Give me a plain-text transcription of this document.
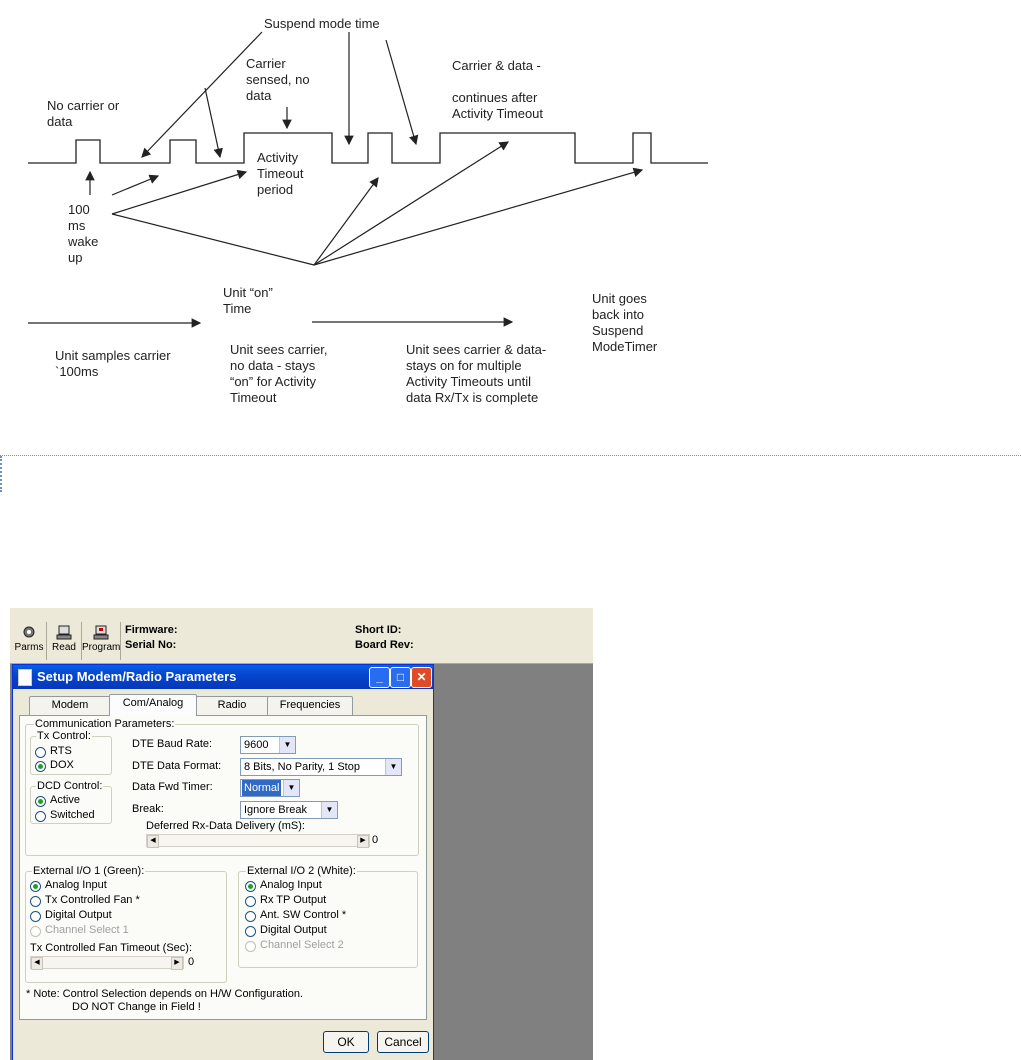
No carrier or
data
Suspend mode time
Carrier
sensed, no
data
Carrier & data -

continues after
Activity Timeout
Activity
Timeout
period
100
ms
wake
up
Unit “on”
Time
Unit samples carrier
`100ms
Unit sees carrier,
no data - stays
“on” for Activity
Timeout
Unit sees carrier & data-
stays on for multiple
Activity Timeouts until
data Rx/Tx is complete
Unit goes
back into
Suspend
ModeTimer
Parms Read Program
Firmware:
Serial No:
Short ID:
Board Rev:
Setup Modem/Radio Parameters	_	□	✕
Modem	Com/Analog	Radio	Frequencies
Communication Parameters:
Tx Control:
RTS
DOX
DCD Control:
Active
Switched
DTE Baud Rate:	9600	▼
DTE Data Format: 8 Bits, No Parity, 1 Stop	▼
Data Fwd Timer:	Normal	▼
Break:	Ignore Break	▼
Deferred Rx-Data Delivery (mS):
◀	▶ 0
External I/O 1 (Green):
Analog Input
Tx Controlled Fan *
Digital Output
Channel Select 1
Tx Controlled Fan Timeout (Sec):
◀	▶ 0
External I/O 2 (White):
Analog Input
Rx TP Output
Ant. SW Control *
Digital Output
Channel Select 2
* Note: Control Selection depends on H/W Configuration.
DO NOT Change in Field !
OK	Cancel
